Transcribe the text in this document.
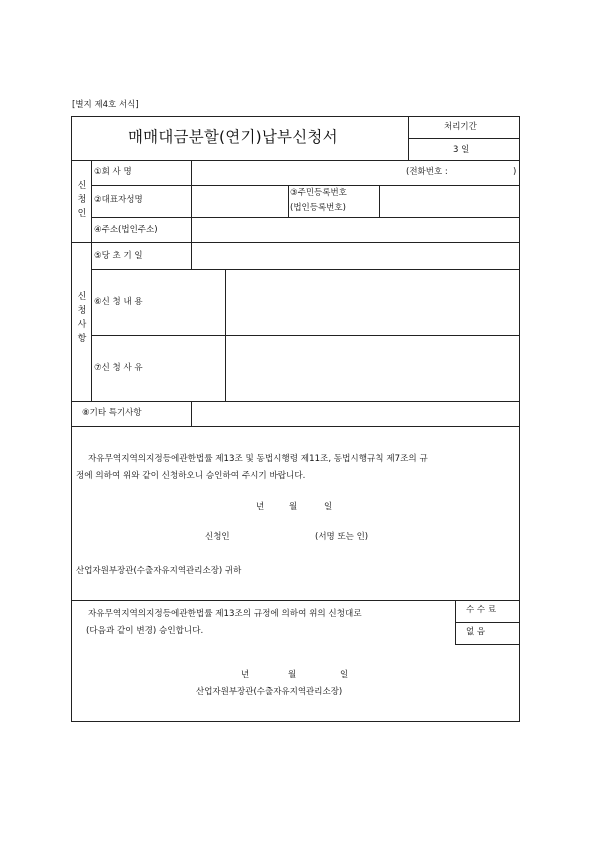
[별지 제4호 서식]
매매대금분할(연기)납부신청서
처리기간
3 일
신
청
인
①회 사 명	(전화번호 :	)
②대표자성명
③주민등록번호
(법인등록번호)
④주소(법인주소)
신
청
사
항
⑤당 초 기 일
⑥신 청 내 용
⑦신 청 사 유
⑧기타 특기사항
자유무역지역의지정등에관한법률 제13조 및 동법시행령 제11조, 동법시행규칙 제7조의 규
정에 의하여 위와 같이 신청하오니 승인하여 주시기 바랍니다.
년	월	일
신청인	(서명 또는 인)
산업자원부장관(수출자유지역관리소장) 귀하
자유무역지역의지정등에관한법률 제13조의 규정에 의하여 위의 신청대로
(다음과 같이 변경) 승인합니다.
수 수 료
없 음
년	월	일
산업자원부장관(수출자유지역관리소장)
